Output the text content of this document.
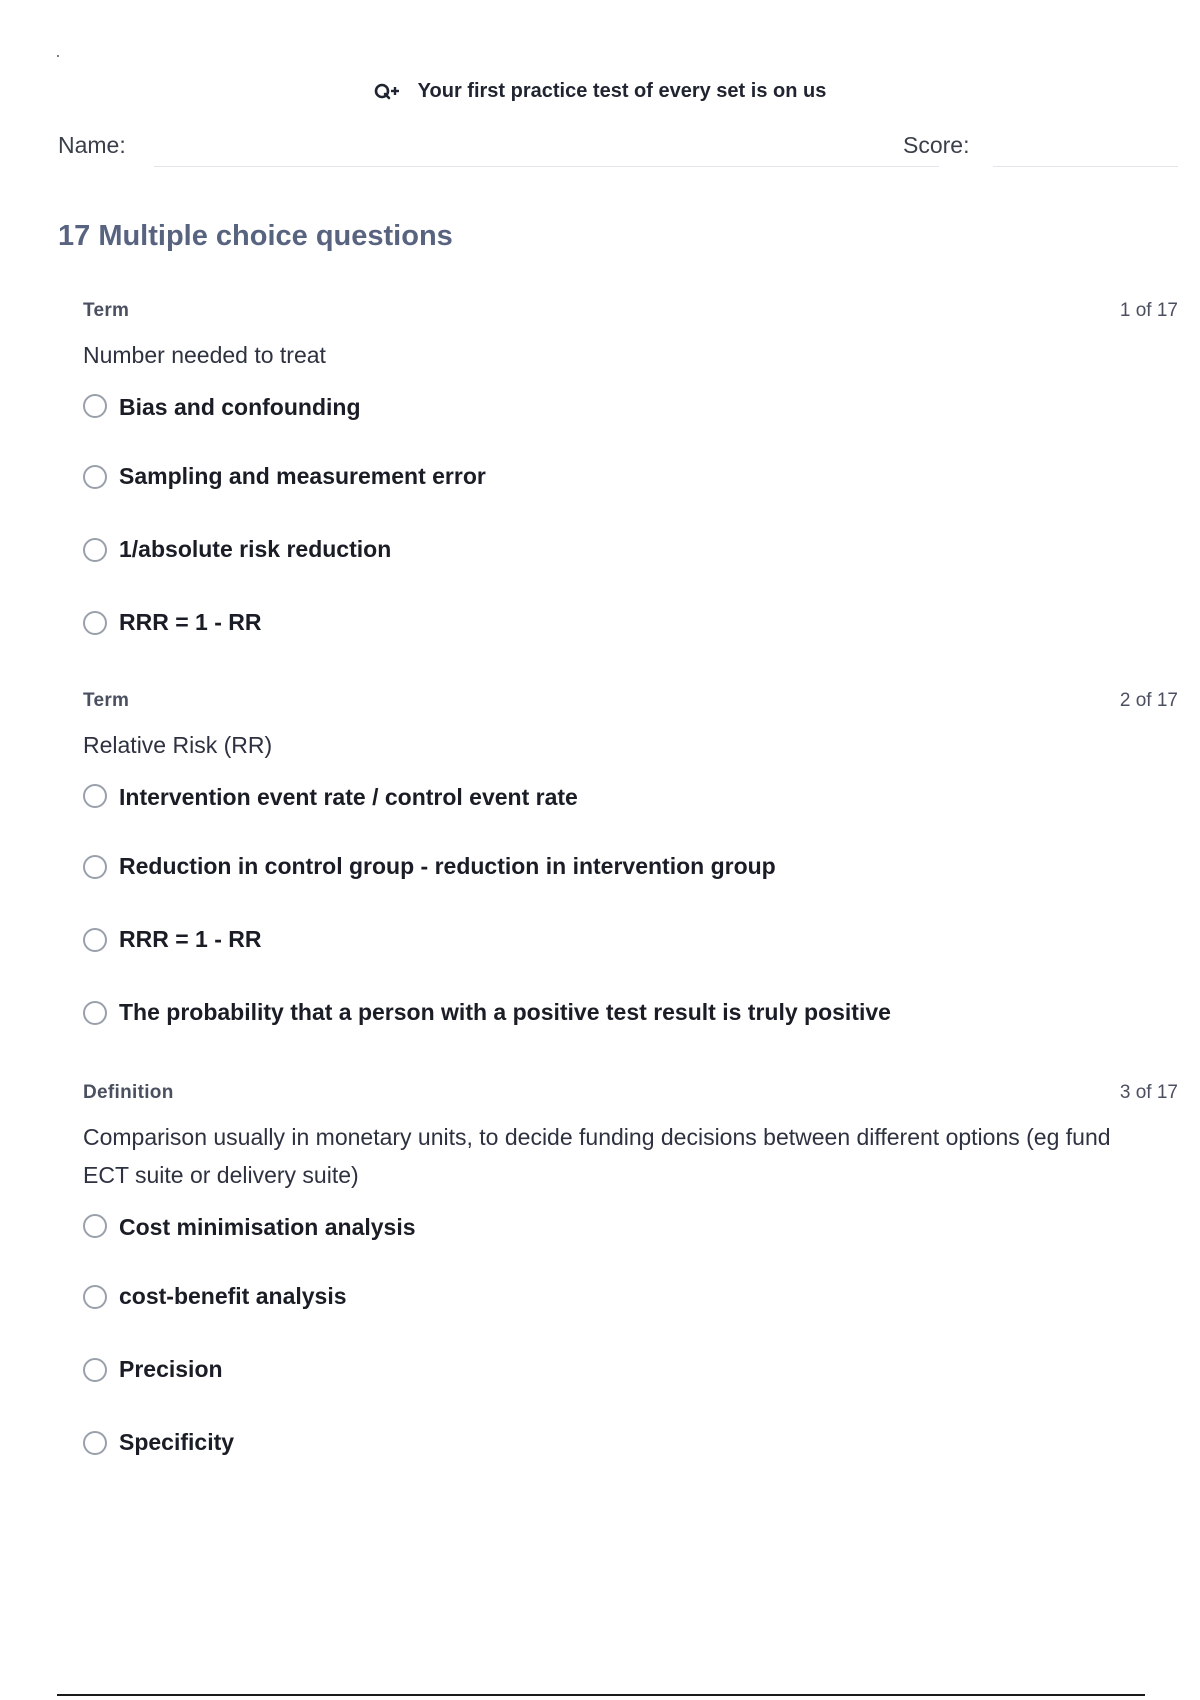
Your first practice test of every set is on us
Name:	Score:
17 Multiple choice questions
Term	1 of 17
Number needed to treat
Bias and confounding
Sampling and measurement error
1/absolute risk reduction
RRR = 1 - RR
Term	2 of 17
Relative Risk (RR)
Intervention event rate / control event rate
Reduction in control group - reduction in intervention group
RRR = 1 - RR
The probability that a person with a positive test result is truly positive
Definition	3 of 17
Comparison usually in monetary units, to decide funding decisions between different options (eg fund ECT suite or delivery suite)
Cost minimisation analysis
cost-benefit analysis
Precision
Specificity
